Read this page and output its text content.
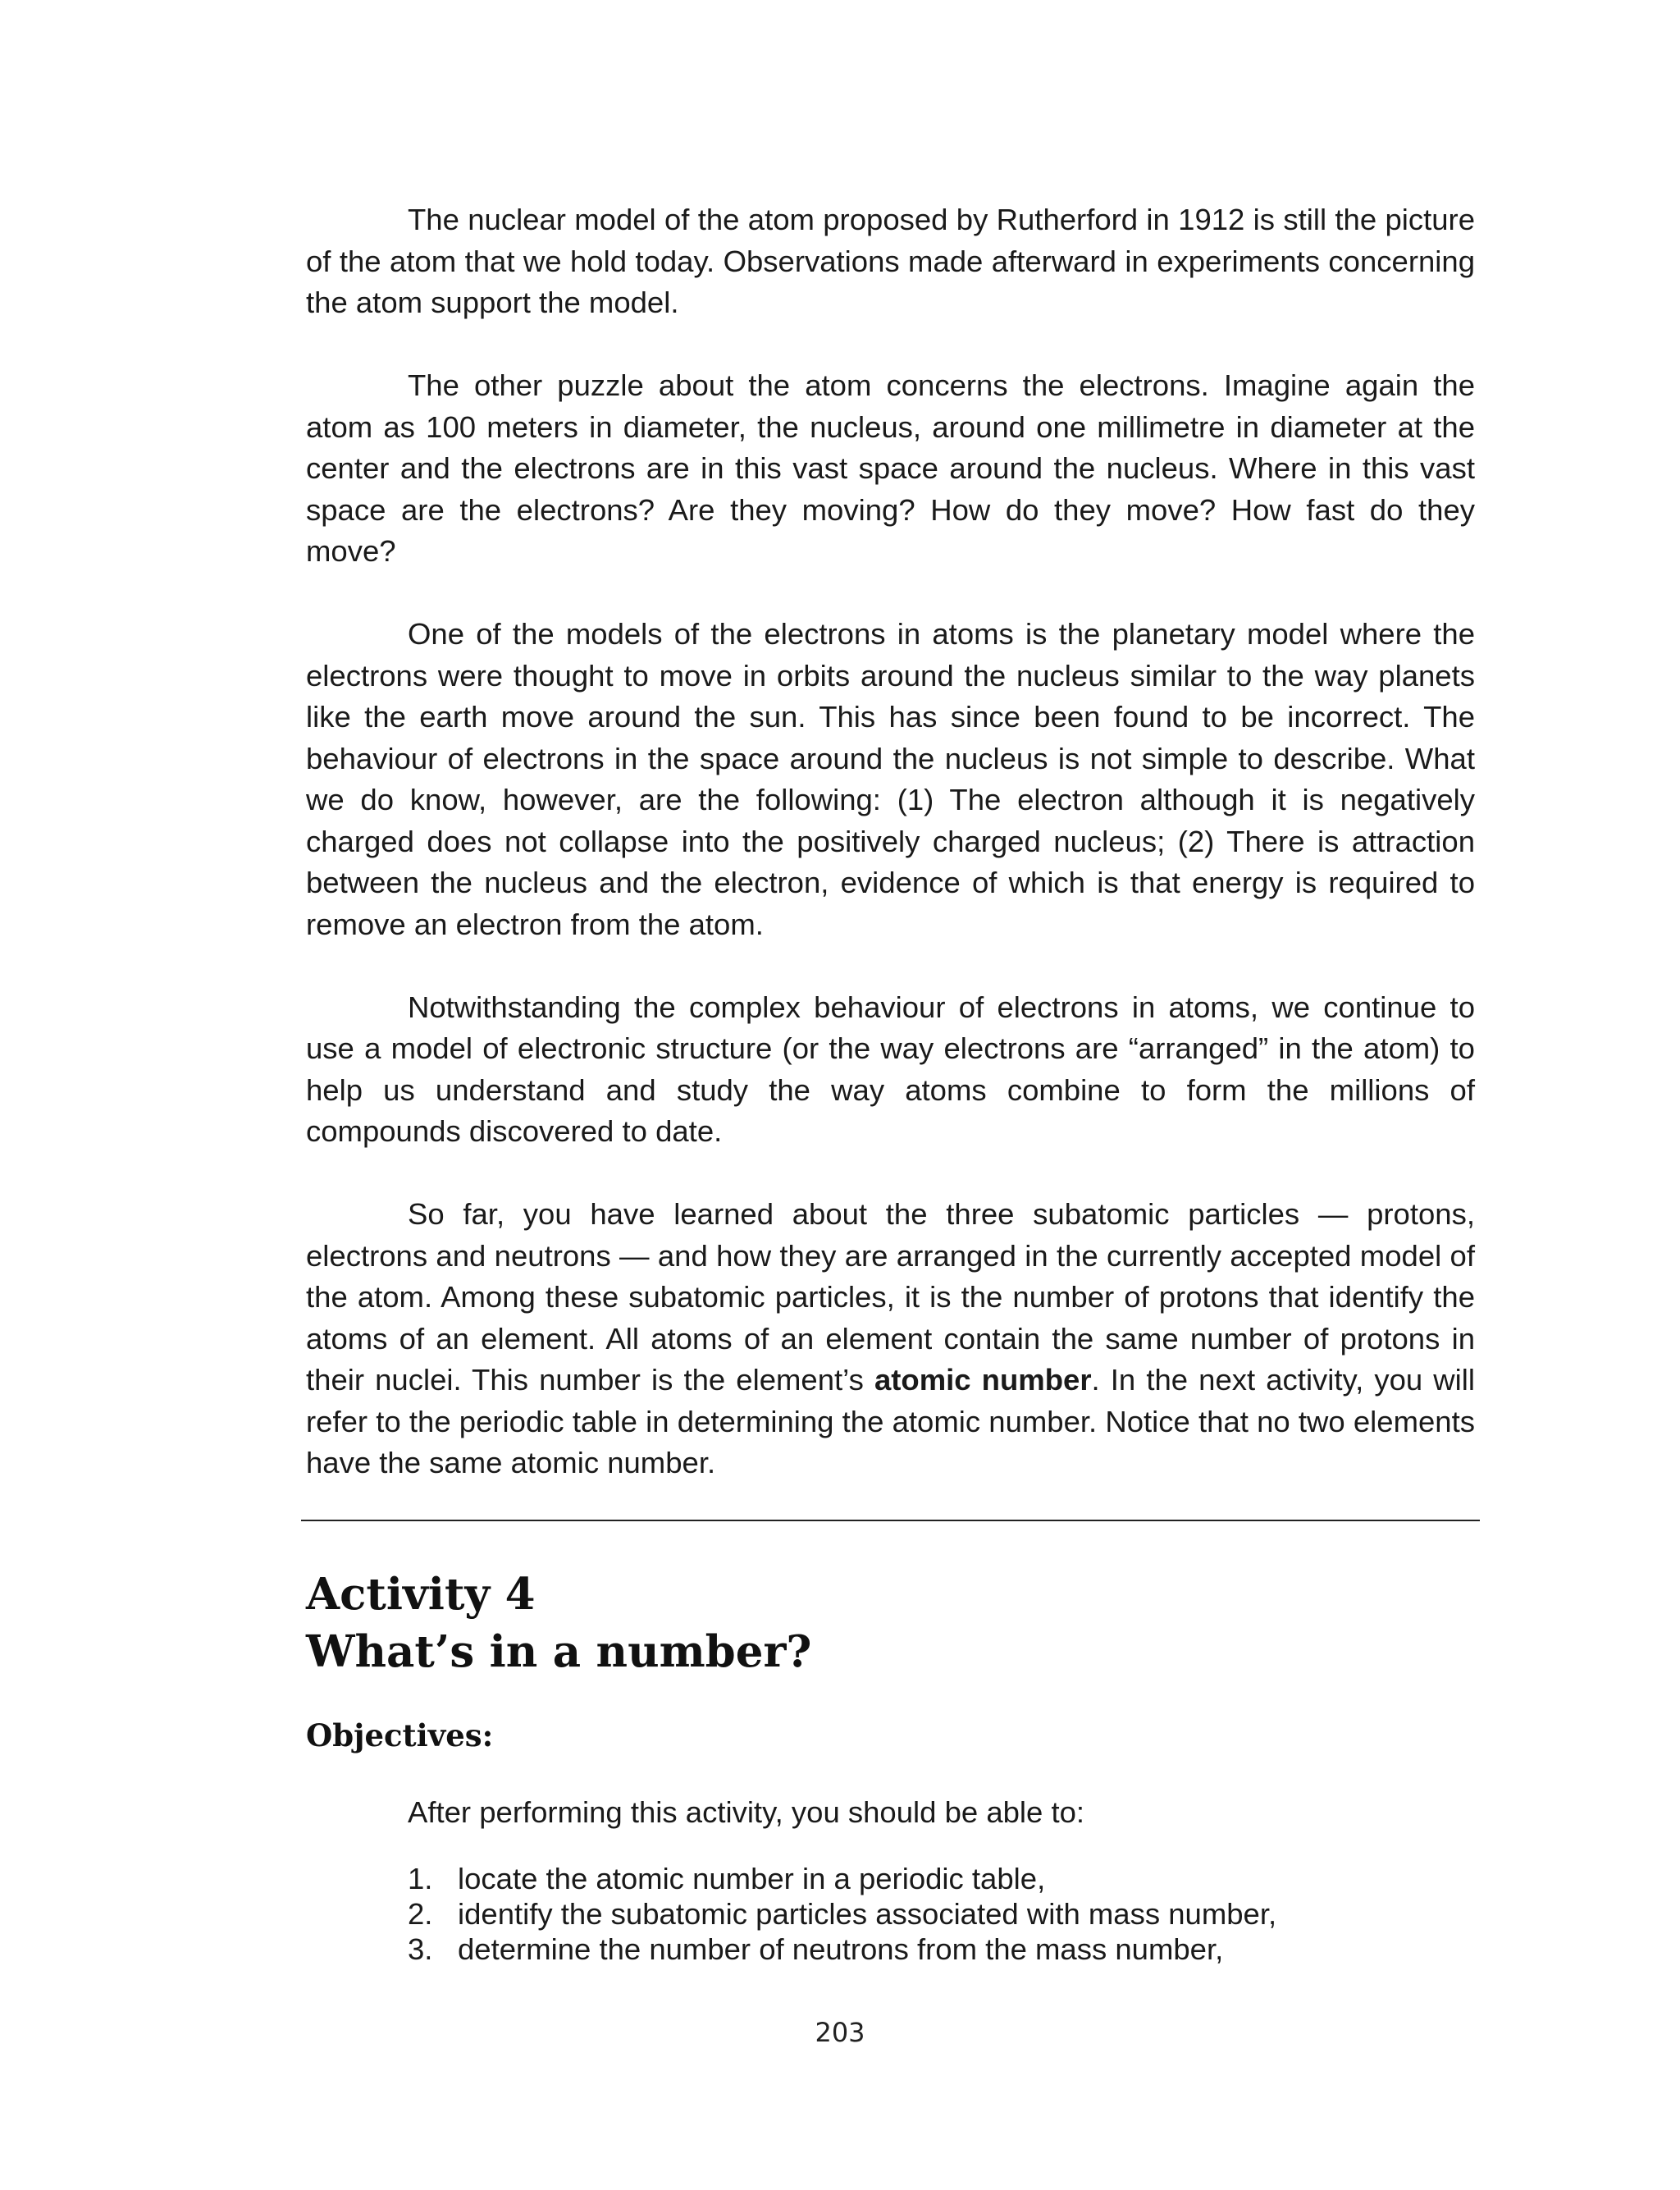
The nuclear model of the atom proposed by Rutherford in 1912 is still the picture of the atom that we hold today. Observations made afterward in experiments concerning the atom support the model.

The other puzzle about the atom concerns the electrons. Imagine again the atom as 100 meters in diameter, the nucleus, around one millimetre in diameter at the center and the electrons are in this vast space around the nucleus. Where in this vast space are the electrons? Are they moving? How do they move? How fast do they move?

One of the models of the electrons in atoms is the planetary model where the electrons were thought to move in orbits around the nucleus similar to the way planets like the earth move around the sun. This has since been found to be incorrect. The behaviour of electrons in the space around the nucleus is not simple to describe. What we do know, however, are the following: (1) The electron although it is negatively charged does not collapse into the positively charged nucleus; (2) There is attraction between the nucleus and the electron, evidence of which is that energy is required to remove an electron from the atom.

Notwithstanding the complex behaviour of electrons in atoms, we continue to use a model of electronic structure (or the way electrons are “arranged” in the atom) to help us understand and study the way atoms combine to form the millions of compounds discovered to date.

So far, you have learned about the three subatomic particles — protons, electrons and neutrons — and how they are arranged in the currently accepted model of the atom. Among these subatomic particles, it is the number of protons that identify the atoms of an element. All atoms of an element contain the same number of protons in their nuclei. This number is the element’s atomic number. In the next activity, you will refer to the periodic table in determining the atomic number. Notice that no two elements have the same atomic number.

Activity 4
What’s in a number?
Objectives:

After performing this activity, you should be able to:

1. locate the atomic number in a periodic table,
2. identify the subatomic particles associated with mass number,
3. determine the number of neutrons from the mass number,
203
